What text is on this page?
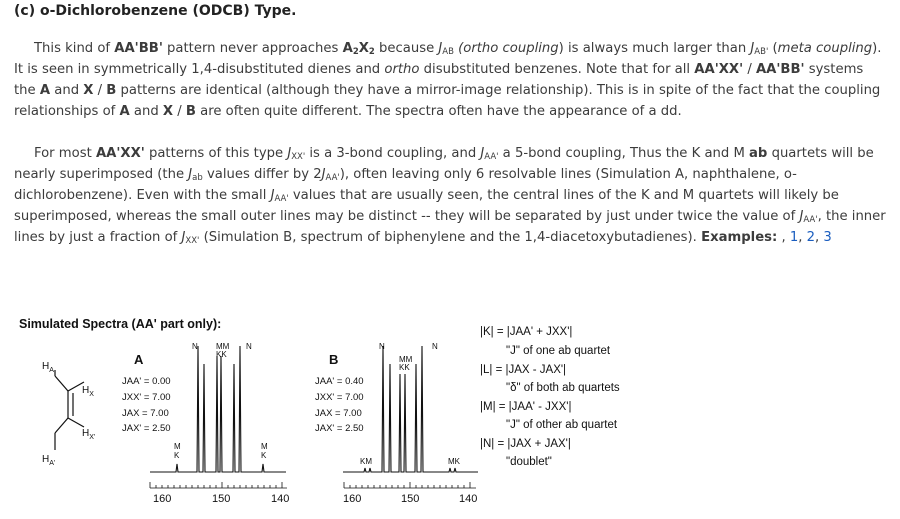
(c) o-Dichlorobenzene (ODCB) Type.

This kind of AA'BB' pattern never approaches $A_2X_2$ because $J_{AB}$ (ortho coupling) is always much larger than $J_{AB'}$ (meta coupling). It is seen in symmetrically 1,4-disubstituted dienes and ortho disubstituted benzenes. Note that for all AA'XX' / AA'BB' systems the A and X / B patterns are identical (although they have a mirror-image relationship). This is in spite of the fact that the coupling relationships of A and X / B are often quite different. The spectra often have the appearance of a dd.

For most AA'XX' patterns of this type $J_{XX'}$ is a 3-bond coupling, and $J_{AA'}$ a 5-bond coupling, Thus the K and M ab quartets will be nearly superimposed (the $J_{ab}$ values differ by $2J_{AA'}$), often leaving only 6 resolvable lines (Simulation A, naphthalene, o-dichlorobenzene). Even with the small $J_{AA'}$ values that are usually seen, the central lines of the K and M quartets will likely be superimposed, whereas the small outer lines may be distinct -- they will be separated by just under twice the value of $J_{AA'}$, the inner lines by just a fraction of $J_{XX'}$ (Simulation B, spectrum of biphenylene and the 1,4-diacetoxybutadienes). Examples: , 1, 2, 3

Simulated Spectra (AA' part only):
$H_A$
$H_X$
$H_{X'}$
$H_{A'}$
A
JAA' = 0.00
JXX' = 7.00
JAX = 7.00
JAX' = 2.50
N MM
KK
N
M
K
M
K
160	150	140
B
JAA' = 0.40
JXX' = 7.00
JAX = 7.00
JAX' = 2.50
N
MM
KK
N
KM	MK
160	150	140
|K| = |JAA' + JXX'|
"J" of one ab quartet
|L| = |JAX - JAX'|
"δ" of both ab quartets
|M| = |JAA' - JXX'|
"J" of other ab quartet
|N| = |JAX + JAX'|
"doublet"
